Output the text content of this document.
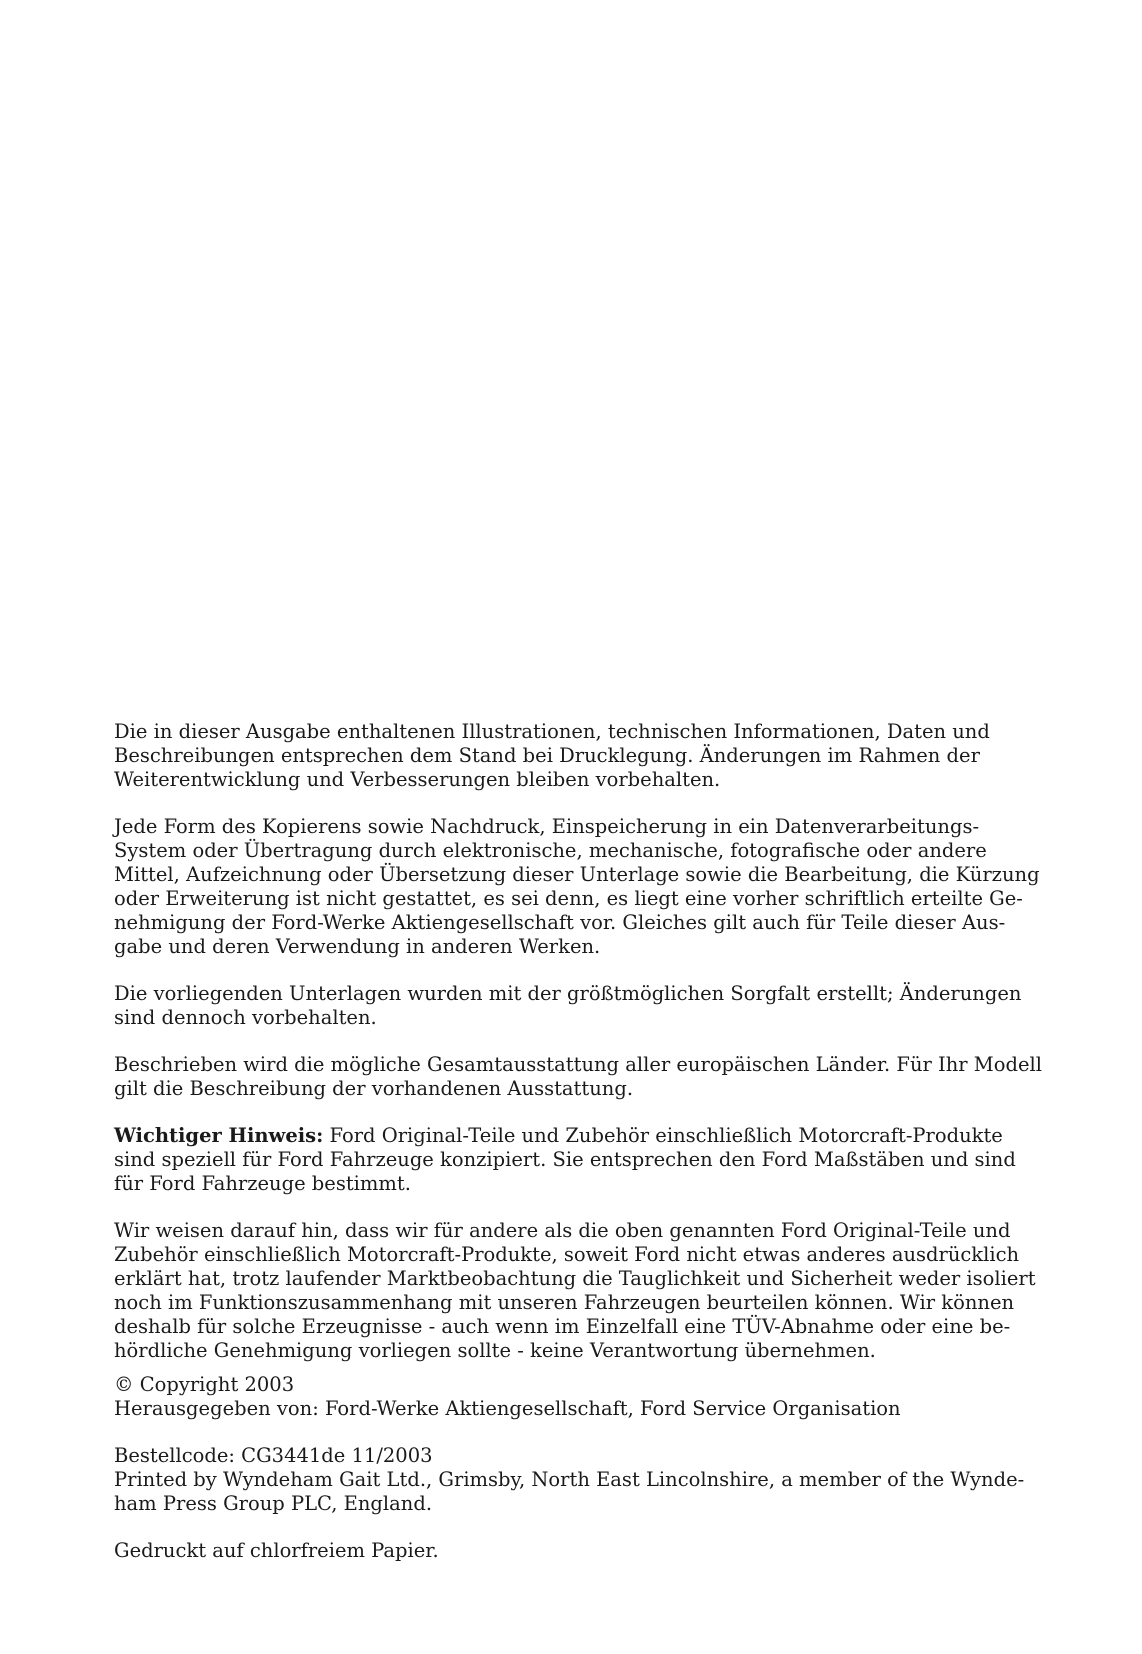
Die in dieser Ausgabe enthaltenen Illustrationen, technischen Informationen, Daten und
Beschreibungen entsprechen dem Stand bei Drucklegung. Änderungen im Rahmen der
Weiterentwicklung und Verbesserungen bleiben vorbehalten.

Jede Form des Kopierens sowie Nachdruck, Einspeicherung in ein Datenverarbeitungs-
System oder Übertragung durch elektronische, mechanische, fotografische oder andere
Mittel, Aufzeichnung oder Übersetzung dieser Unterlage sowie die Bearbeitung, die Kürzung
oder Erweiterung ist nicht gestattet, es sei denn, es liegt eine vorher schriftlich erteilte Ge-
nehmigung der Ford-Werke Aktiengesellschaft vor. Gleiches gilt auch für Teile dieser Aus-
gabe und deren Verwendung in anderen Werken.

Die vorliegenden Unterlagen wurden mit der größtmöglichen Sorgfalt erstellt; Änderungen
sind dennoch vorbehalten.

Beschrieben wird die mögliche Gesamtausstattung aller europäischen Länder. Für Ihr Modell
gilt die Beschreibung der vorhandenen Ausstattung.

Wichtiger Hinweis: Ford Original-Teile und Zubehör einschließlich Motorcraft-Produkte
sind speziell für Ford Fahrzeuge konzipiert. Sie entsprechen den Ford Maßstäben und sind
für Ford Fahrzeuge bestimmt.

Wir weisen darauf hin, dass wir für andere als die oben genannten Ford Original-Teile und
Zubehör einschließlich Motorcraft-Produkte, soweit Ford nicht etwas anderes ausdrücklich
erklärt hat, trotz laufender Marktbeobachtung die Tauglichkeit und Sicherheit weder isoliert
noch im Funktionszusammenhang mit unseren Fahrzeugen beurteilen können. Wir können
deshalb für solche Erzeugnisse - auch wenn im Einzelfall eine TÜV-Abnahme oder eine be-
hördliche Genehmigung vorliegen sollte - keine Verantwortung übernehmen.

© Copyright 2003
Herausgegeben von: Ford-Werke Aktiengesellschaft, Ford Service Organisation

Bestellcode: CG3441de 11/2003
Printed by Wyndeham Gait Ltd., Grimsby, North East Lincolnshire, a member of the Wynde-
ham Press Group PLC, England.

Gedruckt auf chlorfreiem Papier.
